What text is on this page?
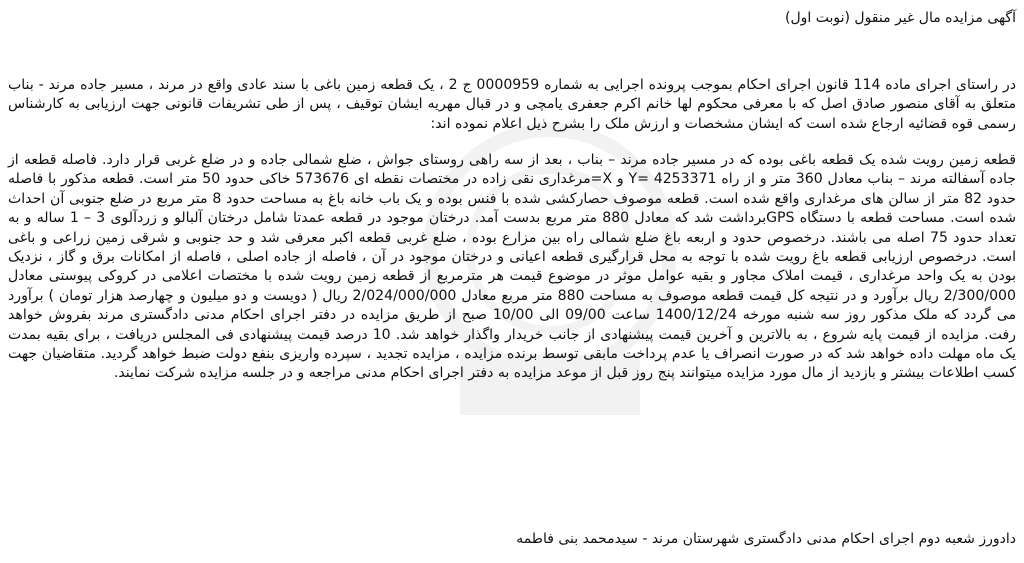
آگهی مزایده مال غیر منقول (نوبت اول)

در راستای اجرای ماده 114 قانون اجرای احکام بموجب پرونده اجرایی به شماره 0000959 ج 2 ، یک قطعه زمین باغی با سند عادی واقع در مرند ، مسیر جاده مرند - بناب متعلق به آقای منصور صادق اصل که با معرفی محکوم لها خانم اکرم جعفری یامچی و در قبال مهریه ایشان توقیف ، پس از طی تشریفات قانونی جهت ارزیابی به کارشناس رسمی قوه قضائیه ارجاع شده است که ایشان مشخصات و ارزش ملک را بشرح ذیل اعلام نموده اند:

قطعه زمین رویت شده یک قطعه باغی بوده که در مسیر جاده مرند – بناب ، بعد از سه راهی روستای جواش ، ضلع شمالی جاده و در ضلع غربی قرار دارد. فاصله قطعه از جاده آسفالته مرند – بناب معادل 360 متر و از راه Y= 4253371 و X=مرغداری نقی زاده در مختصات نقطه ای 573676 خاکی حدود 50 متر است. قطعه مذکور با فاصله حدود 82 متر از سالن های مرغداری واقع شده است. قطعه موصوف حصارکشی شده با فنس بوده و یک باب خانه باغ به مساحت حدود 8 متر مربع در ضلع جنوبی آن احداث شده است. مساحت قطعه با دستگاه GPSبرداشت شد که معادل 880 متر مربع بدست آمد. درختان موجود در قطعه عمدتا شامل درختان آلبالو و زردآلوی 3 – 1 ساله و به تعداد حدود 75 اصله می باشند. درخصوص حدود و اربعه باغ ضلع شمالی راه بین مزارع بوده ، ضلع غربی قطعه اکبر معرفی شد و حد جنوبی و شرقی زمین زراعی و باغی است. درخصوص ارزیابی قطعه باغ رویت شده با توجه به محل قرارگیری قطعه اعیانی و درختان موجود در آن ، فاصله از جاده اصلی ، فاصله از امکانات برق و گاز ، نزدیک بودن به یک واحد مرغداری ، قیمت املاک مجاور و بقیه عوامل موثر در موضوع قیمت هر مترمربع از قطعه زمین رویت شده با مختصات اعلامی در کروکی پیوستی معادل 2/300/000 ریال برآورد و در نتیجه کل قیمت قطعه موصوف به مساحت 880 متر مربع معادل 2/024/000/000 ریال ( دویست و دو میلیون و چهارصد هزار تومان ) برآورد می گردد که ملک مذکور روز سه شنبه مورخه 1400/12/24 ساعت 09/00 الی 10/00 صبح از طریق مزایده در دفتر اجرای احکام مدنی دادگستری مرند بفروش خواهد رفت. مزایده از قیمت پایه شروع ، به بالاترین و آخرین قیمت پیشنهادی از جانب خریدار واگذار خواهد شد. 10 درصد قیمت پیشنهادی فی المجلس دریافت ، برای بقیه بمدت یک ماه مهلت داده خواهد شد که در صورت انصراف یا عدم پرداخت مابقی توسط برنده مزایده ، مزایده تجدید ، سپرده واریزی بنفع دولت ضبط خواهد گردید. متقاضیان جهت کسب اطلاعات بیشتر و بازدید از مال مورد مزایده میتوانند پنج روز قبل از موعد مزایده به دفتر اجرای احکام مدنی مراجعه و در جلسه مزایده شرکت نمایند.

دادورز شعبه دوم اجرای احکام مدنی دادگستری شهرستان مرند - سیدمحمد بنی فاطمه
